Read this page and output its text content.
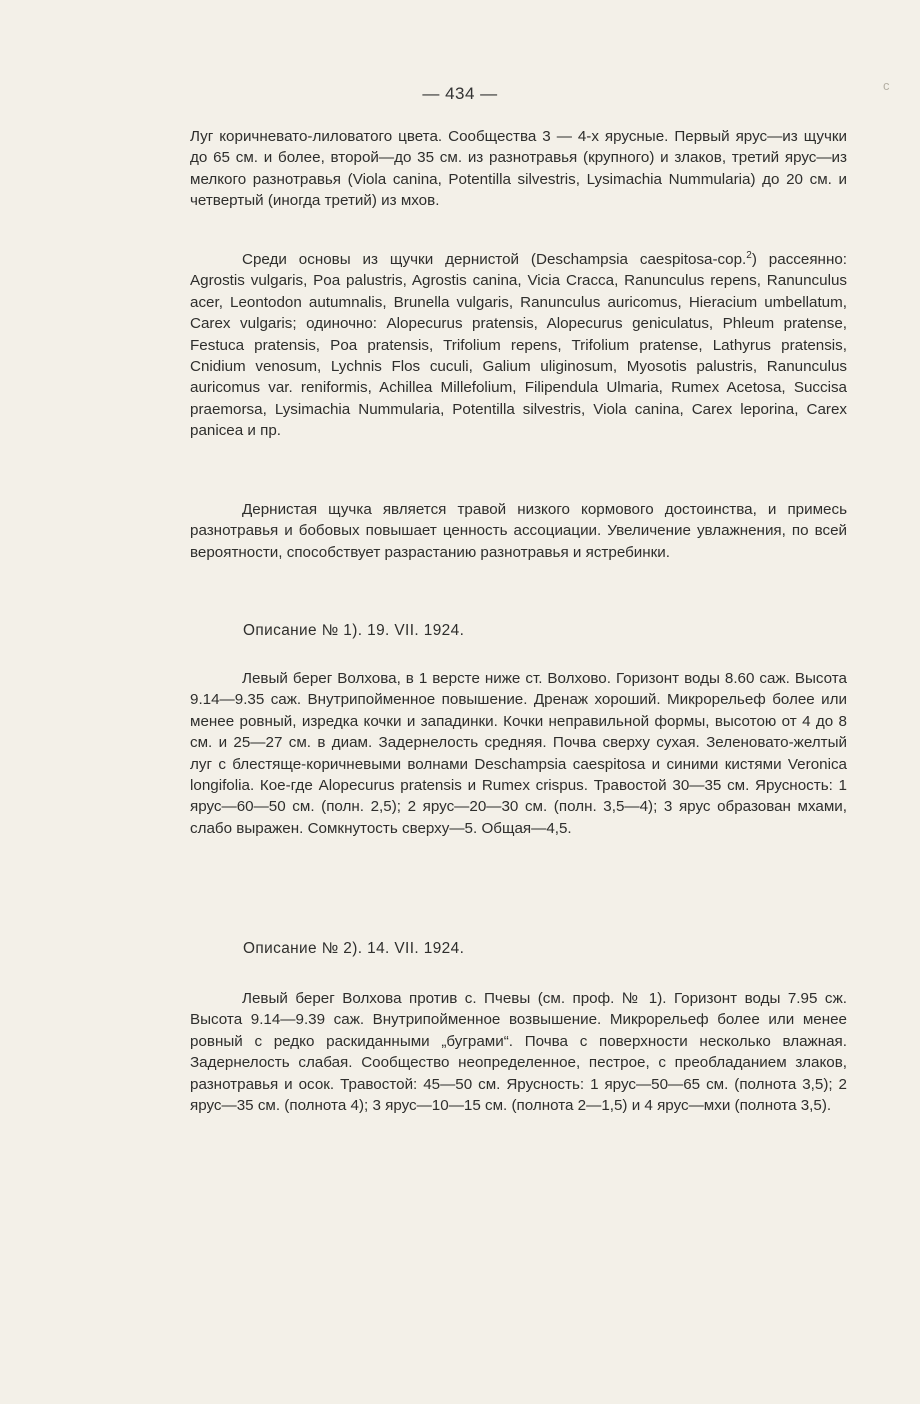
c
— 434 —

Луг коричневато-лиловатого цвета. Сообщества 3 — 4-х ярусные. Первый ярус—из щучки до 65 см. и более, второй—до 35 см. из разнотравья (крупного) и злаков, третий ярус—из мелкого разнотравья (Viola canina, Potentilla silvestris, Lysimachia Nummularia) до 20 см. и четвертый (иногда третий) из мхов.

Среди основы из щучки дернистой (Deschampsia caespitosa-cop.$^2$) рассеянно: Agrostis vulgaris, Poa palustris, Agrostis canina, Vicia Cracca, Ranunculus repens, Ranunculus acer, Leontodon autumnalis, Brunella vulgaris, Ranunculus auricomus, Hieracium umbellatum, Carex vulgaris; одиночно: Alopecurus pratensis, Alopecurus geniculatus, Phleum pratense, Festuca pratensis, Poa pratensis, Trifolium repens, Trifolium pratense, Lathyrus pratensis, Cnidium venosum, Lychnis Flos cuculi, Galium uliginosum, Myosotis palustris, Ranunculus auricomus var. reniformis, Achillea Millefolium, Filipendula Ulmaria, Rumex Acetosa, Succisa praemorsa, Lysimachia Nummularia, Potentilla silvestris, Viola canina, Carex leporina, Carex panicea и пр.

Дернистая щучка является травой низкого кормового достоинства, и примесь разнотравья и бобовых повышает ценность ассоциации. Увеличение увлажнения, по всей вероятности, способствует разрастанию разнотравья и ястребинки.

Описание № 1). 19. VII. 1924.

Левый берег Волхова, в 1 версте ниже ст. Волхово. Горизонт воды 8.60 саж. Высота 9.14—9.35 саж. Внутрипойменное повышение. Дренаж хороший. Микрорельеф более или менее ровный, изредка кочки и западинки. Кочки неправильной формы, высотою от 4 до 8 см. и 25—27 см. в диам. Задернелость средняя. Почва сверху сухая. Зеленовато-желтый луг с блестяще-коричневыми волнами Deschampsia caespitosa и синими кистями Veronica longifolia. Кое-где Alopecurus pratensis и Rumex crispus. Травостой 30—35 см. Ярусность: 1 ярус—60—50 см. (полн. 2,5); 2 ярус—20—30 см. (полн. 3,5—4); 3 ярус образован мхами, слабо выражен. Сомкнутость сверху—5. Общая—4,5.

Описание № 2). 14. VII. 1924.

Левый берег Волхова против с. Пчевы (см. проф. № 1). Горизонт воды 7.95 сж. Высота 9.14—9.39 саж. Внутрипойменное возвышение. Микрорельеф более или менее ровный с редко раскиданными „буграми“. Почва с поверхности несколько влажная. Задернелость слабая. Сообщество неопределенное, пестрое, с преобладанием злаков, разнотравья и осок. Травостой: 45—50 см. Ярусность: 1 ярус—50—65 см. (полнота 3,5); 2 ярус—35 см. (полнота 4); 3 ярус—10—15 см. (полнота 2—1,5) и 4 ярус—мхи (полнота 3,5).
